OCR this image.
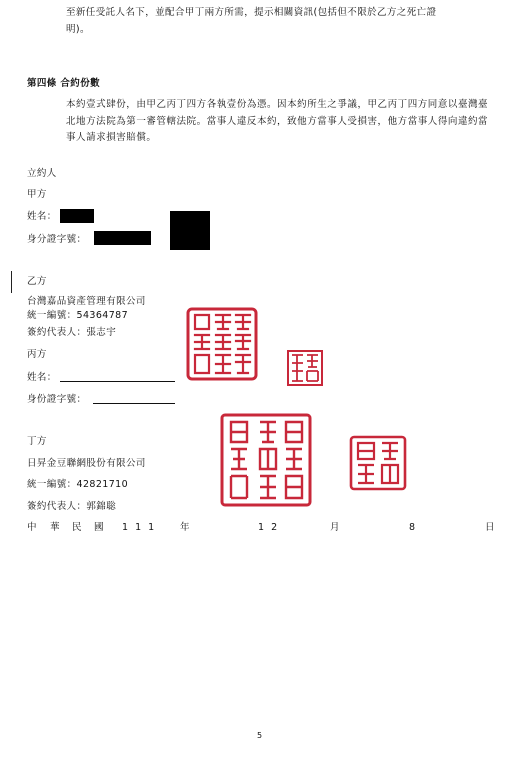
至新任受託人名下，並配合甲丁兩方所需，提示相關資訊(包括但不限於乙方之死亡證
明)。
第四條 合約份數
本約壹式肆份，由甲乙丙丁四方各執壹份為憑。因本約所生之爭議，甲乙丙丁四方同意以臺灣臺北地方法院為第一審管轄法院。當事人違反本約，致他方當事人受損害，他方當事人得向違約當事人請求損害賠償。
立約人
甲方
姓名：
身分證字號：
乙方
台灣嘉品資產管理有限公司
統一編號：54364787
簽約代表人：張志宇
丙方
姓名：
身份證字號：
丁方
日昇金豆聯網股份有限公司
統一編號：42821710
簽約代表人：郭錦聡
中 華 民 國 1 1 1	年	1 2	月	8	日
5
